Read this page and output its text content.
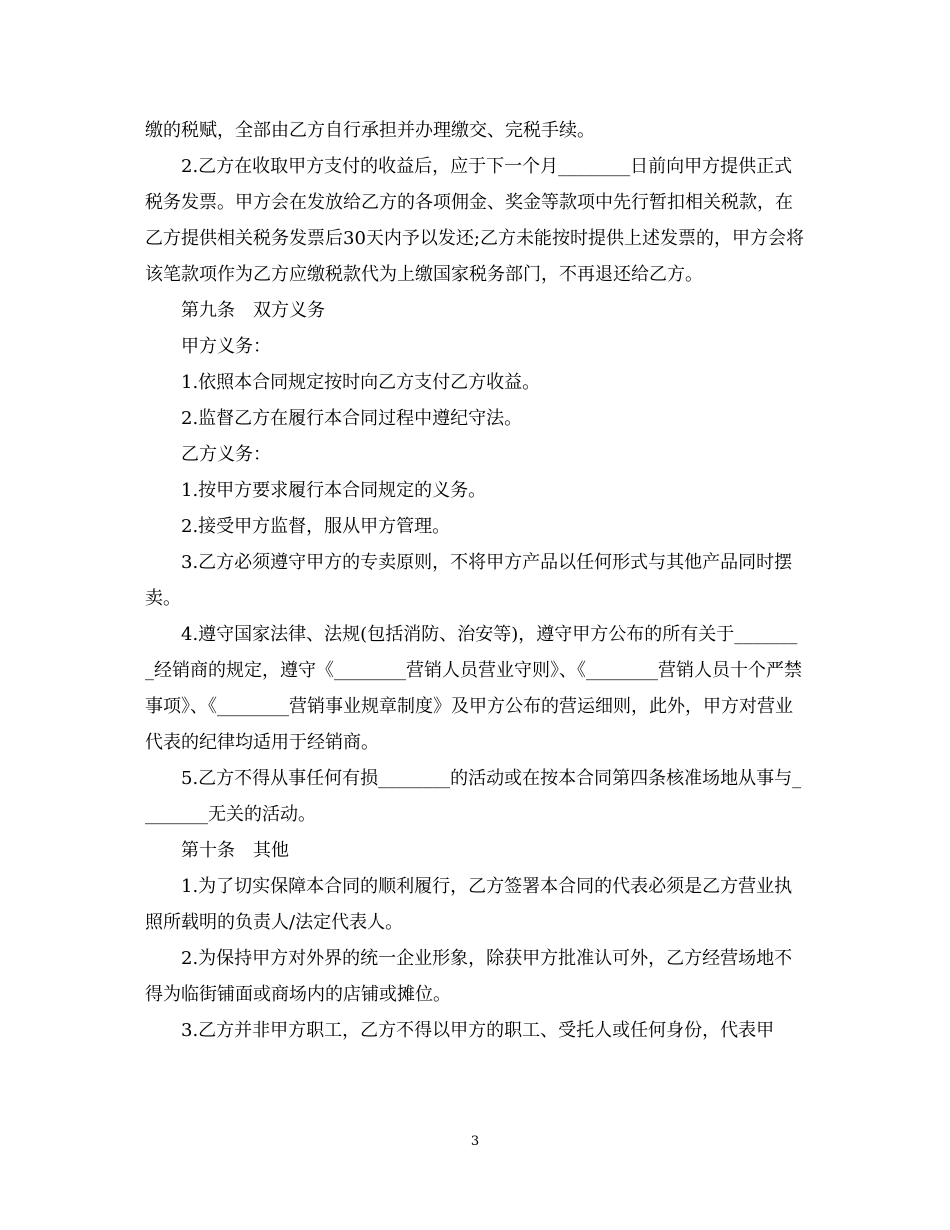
缴的税赋，全部由乙方自行承担并办理缴交、完税手续。

2.乙方在收取甲方支付的收益后，应于下一个月________日前向甲方提供正式税务发票。甲方会在发放给乙方的各项佣金、奖金等款项中先行暂扣相关税款，在乙方提供相关税务发票后30天内予以发还;乙方未能按时提供上述发票的，甲方会将该笔款项作为乙方应缴税款代为上缴国家税务部门，不再退还给乙方。

第九条　双方义务

甲方义务：

1.依照本合同规定按时向乙方支付乙方收益。

2.监督乙方在履行本合同过程中遵纪守法。

乙方义务：

1.按甲方要求履行本合同规定的义务。

2.接受甲方监督，服从甲方管理。

3.乙方必须遵守甲方的专卖原则，不将甲方产品以任何形式与其他产品同时摆卖。

4.遵守国家法律、法规(包括消防、治安等)，遵守甲方公布的所有关于________经销商的规定，遵守《________营销人员营业守则》、《________营销人员十个严禁事项》、《________营销事业规章制度》及甲方公布的营运细则，此外，甲方对营业代表的纪律均适用于经销商。

5.乙方不得从事任何有损________的活动或在按本合同第四条核准场地从事与________无关的活动。

第十条　其他

1.为了切实保障本合同的顺利履行，乙方签署本合同的代表必须是乙方营业执照所载明的负责人/法定代表人。

2.为保持甲方对外界的统一企业形象，除获甲方批准认可外，乙方经营场地不得为临街铺面或商场内的店铺或摊位。

3.乙方并非甲方职工，乙方不得以甲方的职工、受托人或任何身份，代表甲

3
